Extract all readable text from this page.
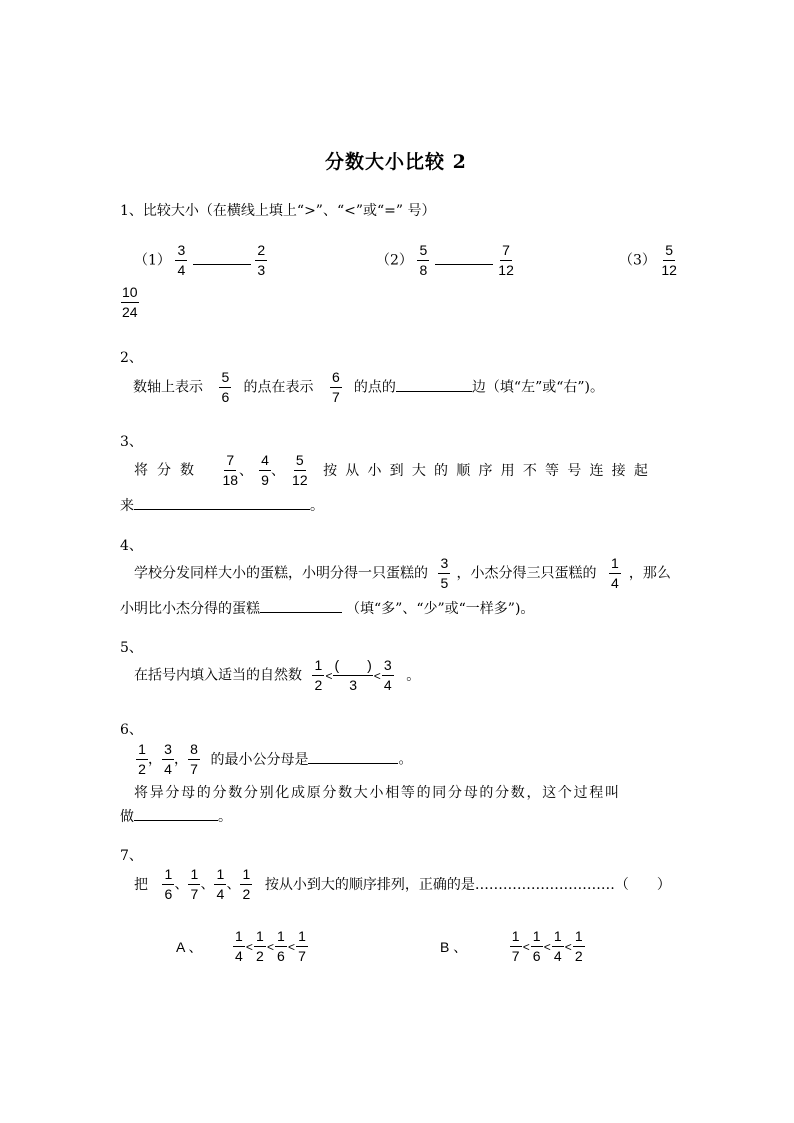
分数大小比较 2
1、比较大小（在横线上填上“>”、“<”或“=” 号）
$(1) \frac{3}{4}$
	$\frac{2}{3}$	$(2) \frac{5}{8}$
	$\frac{7}{12}$	$(3) \frac{5}{12}$
$\frac{10}{24}$
2、
数轴上表示 $\frac{5}{6}$ 的点在表示 $\frac{6}{7}$ 的点的	边（填“左”或“右”)。
3、
将分数 $\frac{7}{18}$ 、 $\frac{4}{9}$ 、 $\frac{5}{12}$ 按从小到大的顺序用不等号连接起
来	。
4、
学校分发同样大小的蛋糕，小明分得一只蛋糕的 $\frac{3}{5}$ ，小杰分得三只蛋糕的 $\frac{1}{4}$ ，那么
小明比小杰分得的蛋糕	（填“多”、“少”或“一样多”)。
5、
在括号内填入适当的自然数 $\frac{1}{2} < \frac{( )}{3} < \frac{3}{4}$ 。
6、
$\frac{1}{2}$ ， $\frac{3}{4}$ ， $\frac{8}{7}$ 的最小公分母是	。
将异分母的分数分别化成原分数大小相等的同分母的分数，这个过程叫
做	。
7、
把 $\frac{1}{6}$ 、 $\frac{1}{7}$ 、 $\frac{1}{4}$ 、 $\frac{1}{2}$ 按从小到大的顺序排列，正确的是…………………………（　　）
A 、 $\frac{1}{4} < \frac{1}{2} < \frac{1}{6} < \frac{1}{7}$	B 、	$\frac{1}{7} < \frac{1}{6} < \frac{1}{4} < \frac{1}{2}$
